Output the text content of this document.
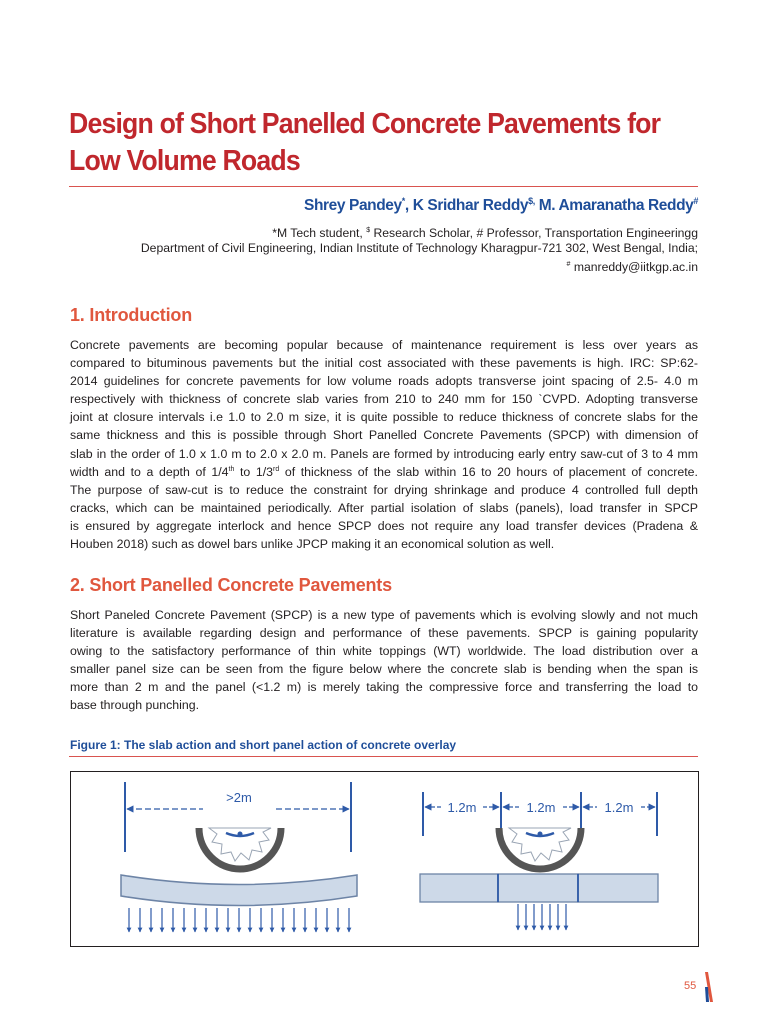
Design of Short Panelled Concrete Pavements for
Low Volume Roads
Shrey Pandey*, K Sridhar Reddy$, M. Amaranatha Reddy#
*M Tech student, $ Research Scholar, # Professor, Transportation Engineeringg
Department of Civil Engineering, Indian Institute of Technology Kharagpur-721 302, West Bengal, India;
# manreddy@iitkgp.ac.in
1. Introduction
Concrete pavements are becoming popular because of maintenance requirement is less over years as
compared to bituminous pavements but the initial cost associated with these pavements is high. IRC: SP:62-
2014 guidelines for concrete pavements for low volume roads adopts transverse joint spacing of 2.5- 4.0 m
respectively with thickness of concrete slab varies from 210 to 240 mm for 150 `CVPD. Adopting transverse
joint at closure intervals i.e 1.0 to 2.0 m size, it is quite possible to reduce thickness of concrete slabs for the
same thickness and this is possible through Short Panelled Concrete Pavements (SPCP) with dimension of
slab in the order of 1.0 x 1.0 m to 2.0 x 2.0 m. Panels are formed by introducing early entry saw-cut of 3 to 4 mm
width and to a depth of 1/4th to 1/3rd of thickness of the slab within 16 to 20 hours of placement of concrete.
The purpose of saw-cut is to reduce the constraint for drying shrinkage and produce 4 controlled full depth
cracks, which can be maintained periodically. After partial isolation of slabs (panels), load transfer in SPCP
is ensured by aggregate interlock and hence SPCP does not require any load transfer devices (Pradena &
Houben 2018) such as dowel bars unlike JPCP making it an economical solution as well.
2. Short Panelled Concrete Pavements
Short Paneled Concrete Pavement (SPCP) is a new type of pavements which is evolving slowly and not much
literature is available regarding design and performance of these pavements. SPCP is gaining popularity
owing to the satisfactory performance of thin white toppings (WT) worldwide. The load distribution over a
smaller panel size can be seen from the figure below where the concrete slab is bending when the span is
more than 2 m and the panel (<1.2 m) is merely taking the compressive force and transferring the load to
base through punching.
Figure 1: The slab action and short panel action of concrete overlay
>2m
1.2m	1.2m	1.2m
55
